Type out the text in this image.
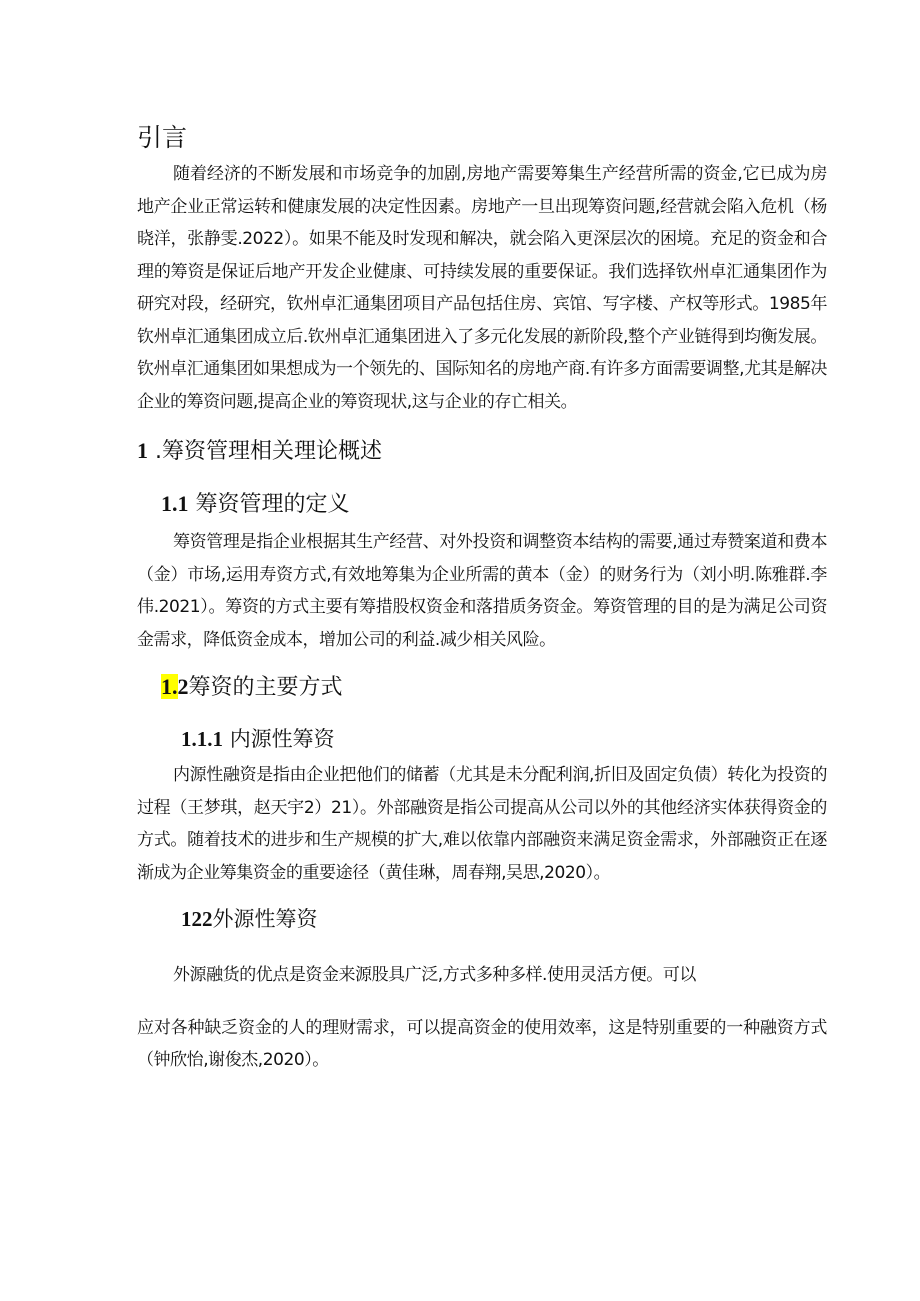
引言

随着经济的不断发展和市场竞争的加剧,房地产需要筹集生产经营所需的资金,它已成为房地产企业正常运转和健康发展的决定性因素。房地产一旦出现筹资问题,经营就会陷入危机（杨晓洋，张静雯.2022）。如果不能及时发现和解决，就会陷入更深层次的困境。充足的资金和合理的筹资是保证后地产开发企业健康、可持续发展的重要保证。我们选择钦州卓汇通集团作为研究对段，经研究，钦州卓汇通集团项目产品包括住房、宾馆、写字楼、产权等形式。1985年钦州卓汇通集团成立后.钦州卓汇通集团进入了多元化发展的新阶段,整个产业链得到均衡发展。钦州卓汇通集团如果想成为一个领先的、国际知名的房地产商.有许多方面需要调整,尤其是解决企业的筹资问题,提高企业的筹资现状,这与企业的存亡相关。

1 .筹资管理相关理论概述
1.1 筹资管理的定义

筹资管理是指企业根据其生产经营、对外投资和调整资本结构的需要,通过寿赞案道和费本（金）市场,运用寿资方式,有效地筹集为企业所需的黄本（金）的财务行为（刘小明.陈雅群.李伟.2021）。筹资的方式主要有筹措股权资金和落措质务资金。筹资管理的目的是为满足公司资金需求，降低资金成本，增加公司的利益.减少相关风险。

1.2筹资的主要方式
1.1.1 内源性筹资

内源性融资是指由企业把他们的储蓄（尤其是未分配利润,折旧及固定负债）转化为投资的过程（王梦琪，赵天宇2）21）。外部融资是指公司提高从公司以外的其他经济实体获得资金的方式。随着技术的进步和生产规模的扩大,难以依靠内部融资来满足资金需求，外部融资正在逐渐成为企业筹集资金的重要途径（黄佳琳，周春翔,吴思,2020）。

122外源性筹资

外源融货的优点是资金来源股具广泛,方式多种多样.使用灵活方便。可以

应对各种缺乏资金的人的理财需求，可以提高资金的使用效率，这是特别重要的一种融资方式（钟欣怡,谢俊杰,2020）。
